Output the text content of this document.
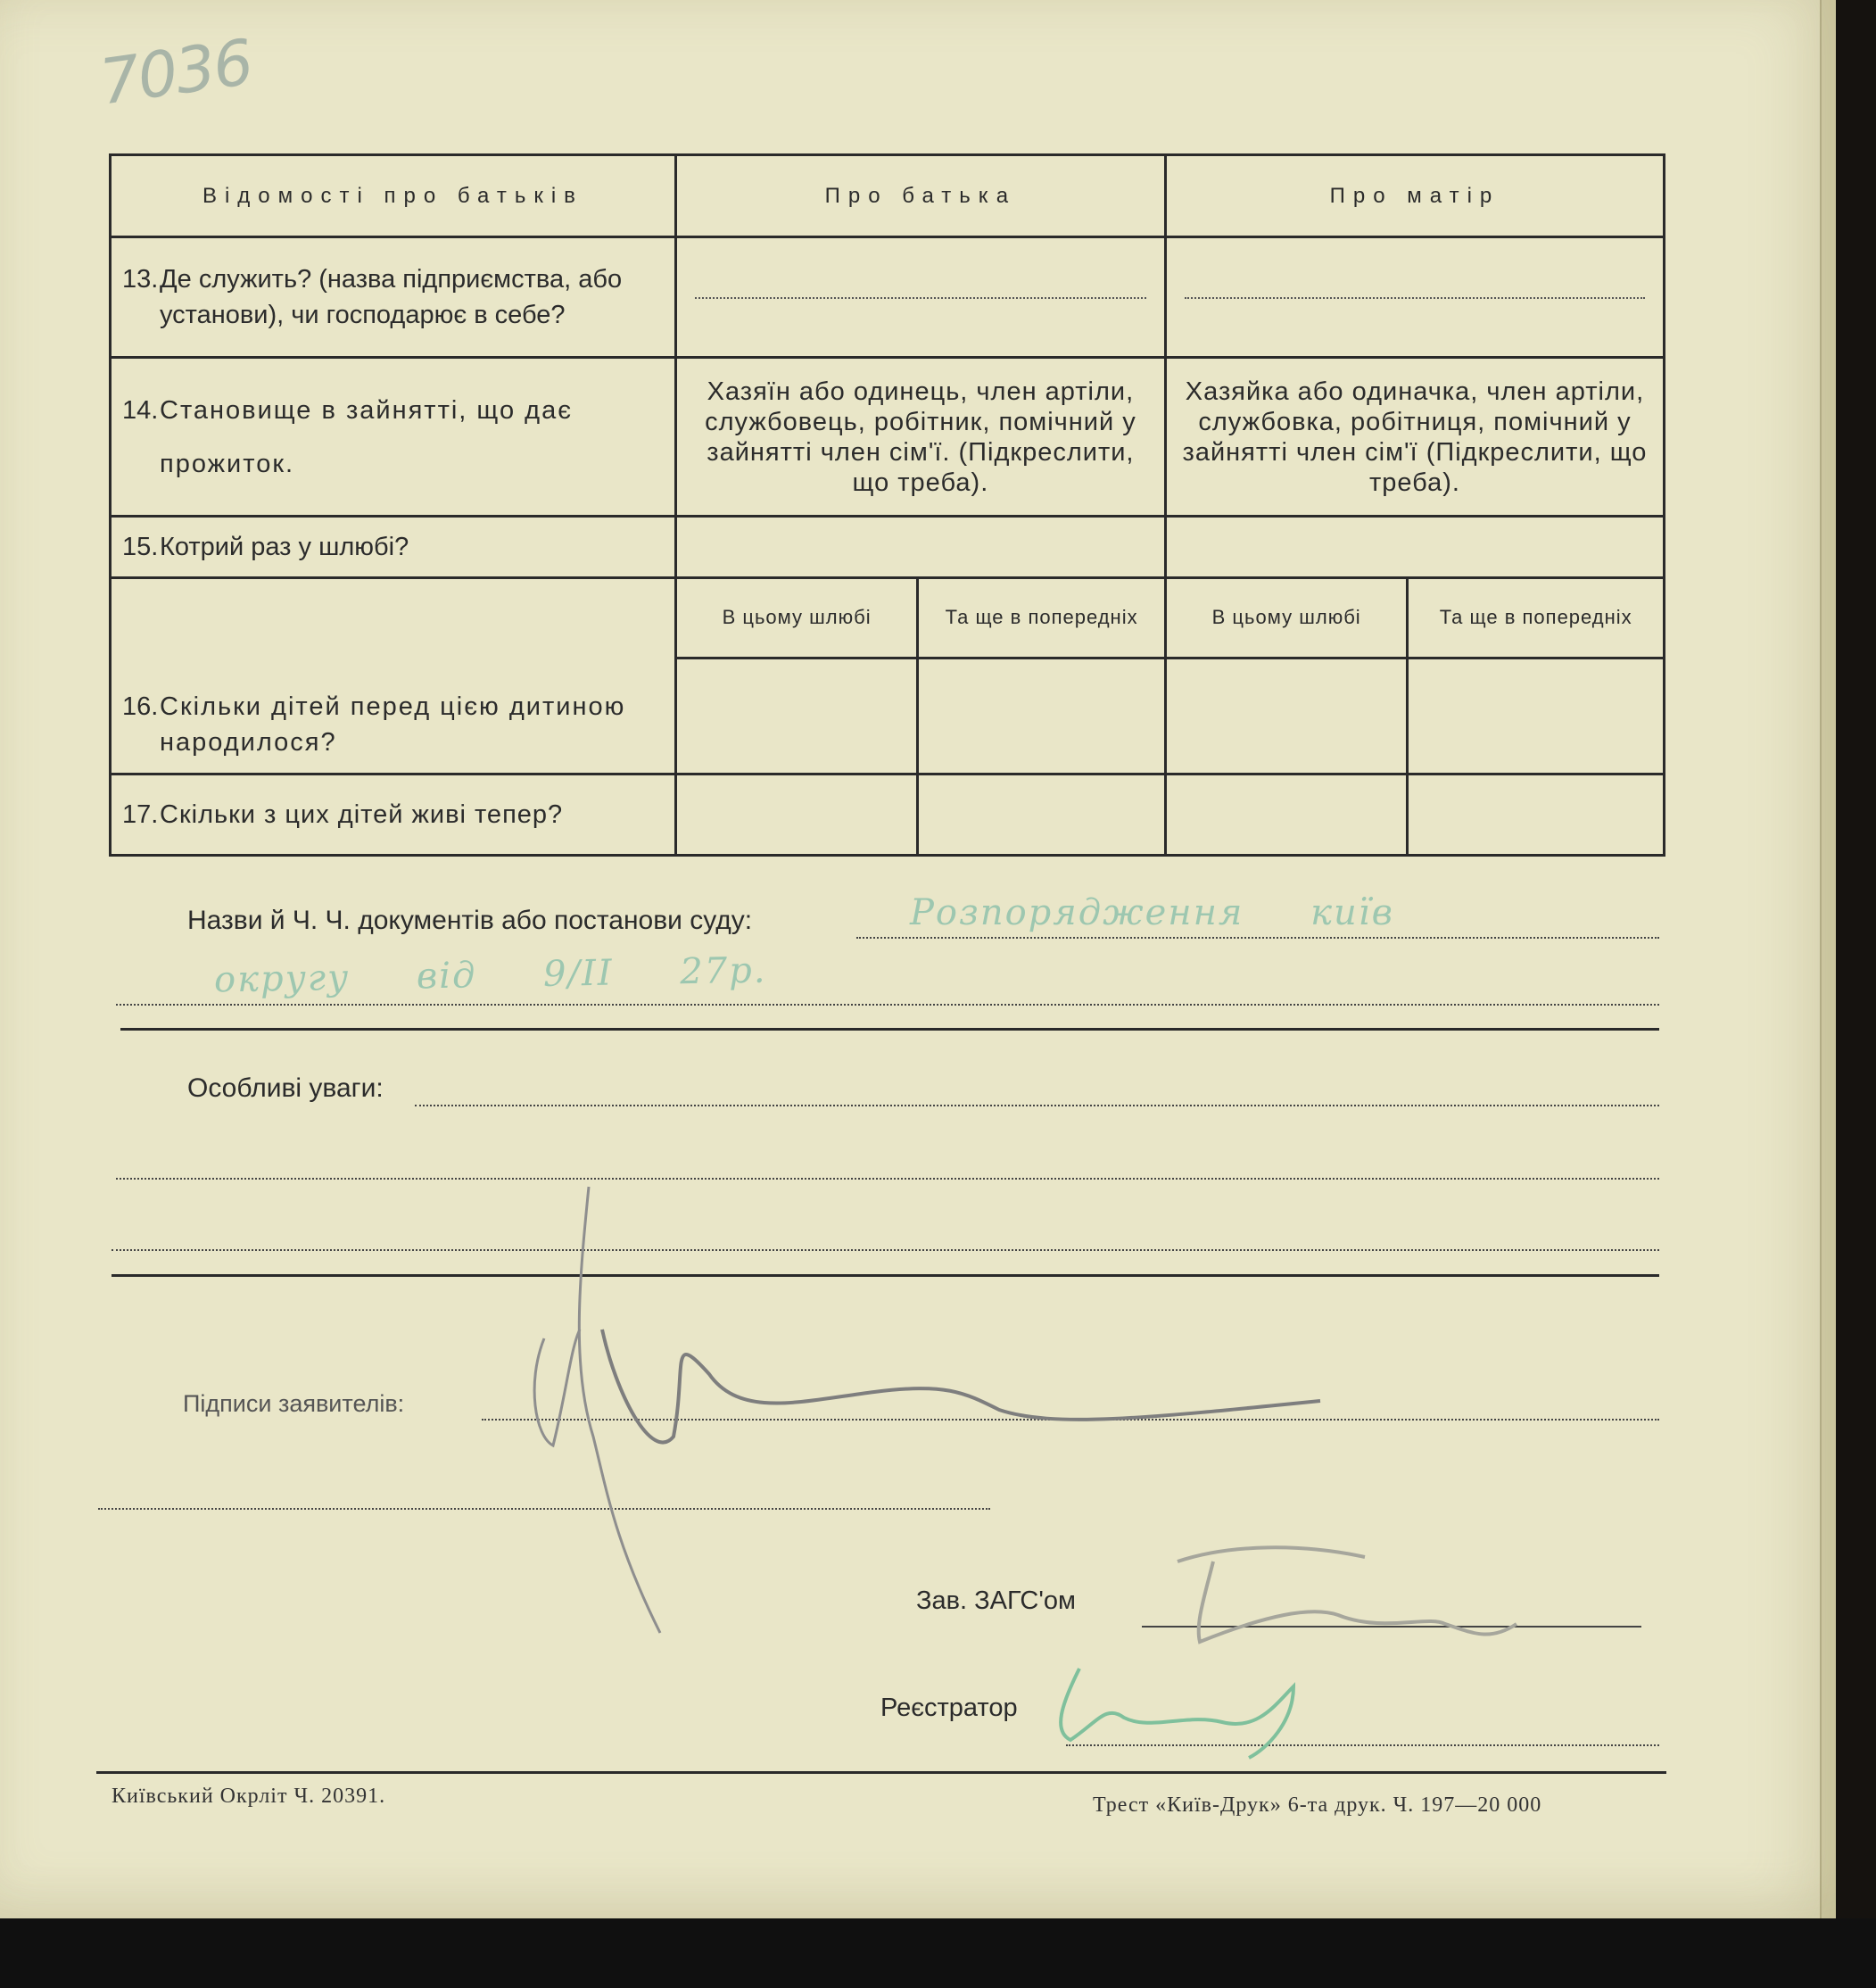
7036
Відомості про батьків	Про батька		Про матір	

13. Де служить? (назва підприємства, або установи), чи господарює в себе?				

14. Становище в зайнятті, що дає прожиток.	Хазяїн або одинець, член артіли, службовець, робітник, помічний у зайнятті член сім'ї. (Підкреслити, що треба).		Хазяйка або одиначка, член артіли, службовка, робітниця, помічний у зайнятті член сім'ї (Підкреслити, що треба).	

15. Котрий раз у шлюбі?				

16. Скільки дітей перед цією дитиною народилося?	В цьому шлюбі	Та ще в попередніх	В цьому шлюбі	Та ще в попередніх

17. Скільки з цих дітей живі тепер?				

Назви й Ч. Ч. документів або постанови суду:	Розпорядження київ
округу від 9/ІІ 27р.
Особливі уваги:
Підписи заявителів:
Зав. ЗАГС'ом
Реєстратор
Київський Окрліт Ч. 20391.	Трест «Київ-Друк» 6-та друк. Ч. 197—20 000
